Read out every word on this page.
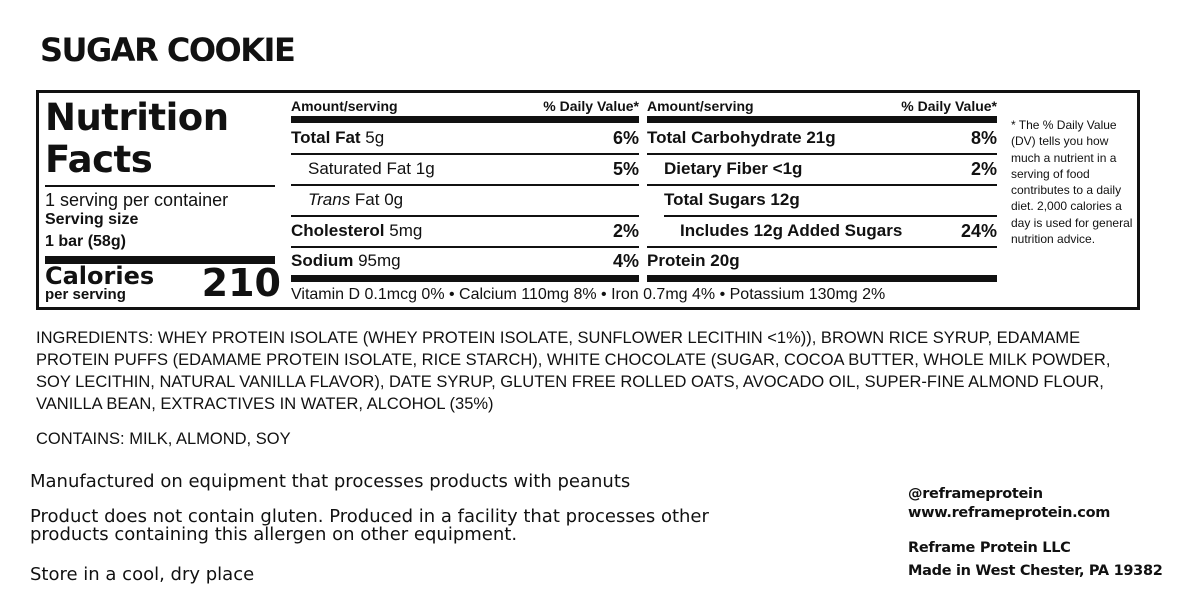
SUGAR COOKIE
Nutrition
Facts
1 serving per container
Serving size
1 bar (58g)
Calories
per serving 210
Amount/serving	% Daily Value*
Total Fat 5g	6%
Saturated Fat 1g	5%
Trans Fat 0g
Cholesterol 5mg	2%
Sodium 95mg	4%
Amount/serving	% Daily Value*
Total Carbohydrate 21g	8%
Dietary Fiber <1g	2%
Total Sugars 12g
Includes 12g Added Sugars	24%
Protein 20g
Vitamin D 0.1mcg 0% • Calcium 110mg 8% • Iron 0.7mg 4% • Potassium 130mg 2%
* The % Daily Value (DV) tells you how much a nutrient in a serving of food contributes to a daily diet. 2,000 calories a day is used for general nutrition advice.
INGREDIENTS: WHEY PROTEIN ISOLATE (WHEY PROTEIN ISOLATE, SUNFLOWER LECITHIN <1%)), BROWN RICE SYRUP, EDAMAME PROTEIN PUFFS (EDAMAME PROTEIN ISOLATE, RICE STARCH), WHITE CHOCOLATE (SUGAR, COCOA BUTTER, WHOLE MILK POWDER, SOY LECITHIN, NATURAL VANILLA FLAVOR), DATE SYRUP, GLUTEN FREE ROLLED OATS, AVOCADO OIL, SUPER-FINE ALMOND FLOUR, VANILLA BEAN, EXTRACTIVES IN WATER, ALCOHOL (35%)
CONTAINS: MILK, ALMOND, SOY
Manufactured on equipment that processes products with peanuts
Product does not contain gluten. Produced in a facility that processes other
products containing this allergen on other equipment.
Store in a cool, dry place
@reframeprotein
www.reframeprotein.com
Reframe Protein LLC
Made in West Chester, PA 19382
